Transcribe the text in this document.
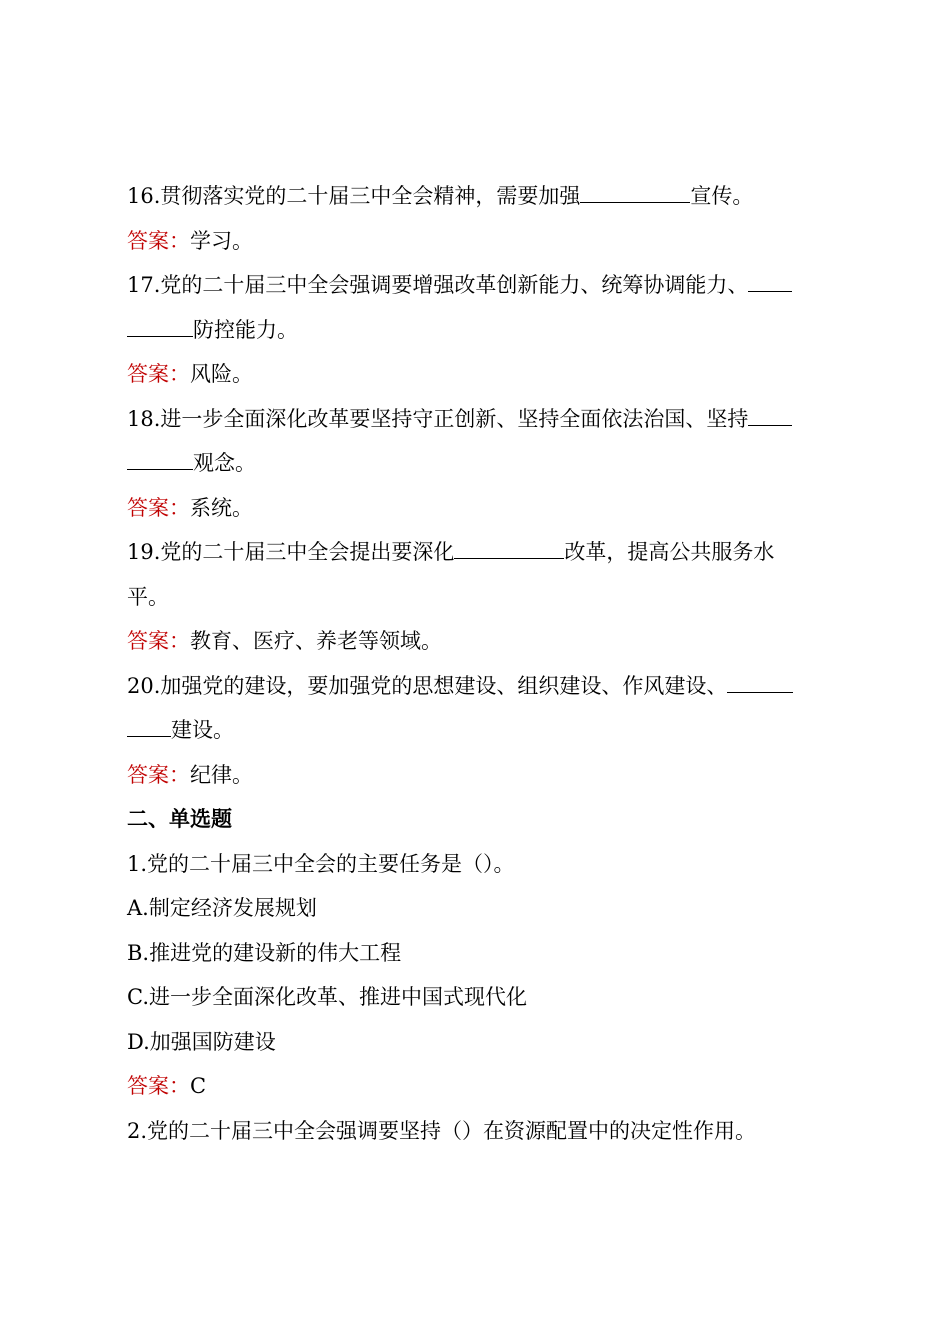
16.贯彻落实党的二十届三中全会精神，需要加强	宣传。
答案：学习。
17.党的二十届三中全会强调要增强改革创新能力、统筹协调能力、
防控能力。
答案：风险。
18.进一步全面深化改革要坚持守正创新、坚持全面依法治国、坚持
观念。
答案：系统。
19.党的二十届三中全会提出要深化	改革，提高公共服务水
平。
答案：教育、医疗、养老等领域。
20.加强党的建设，要加强党的思想建设、组织建设、作风建设、
建设。
答案：纪律。
二、单选题
1.党的二十届三中全会的主要任务是（）。
A.制定经济发展规划
B.推进党的建设新的伟大工程
C.进一步全面深化改革、推进中国式现代化
D.加强国防建设
答案：C
2.党的二十届三中全会强调要坚持（）在资源配置中的决定性作用。
